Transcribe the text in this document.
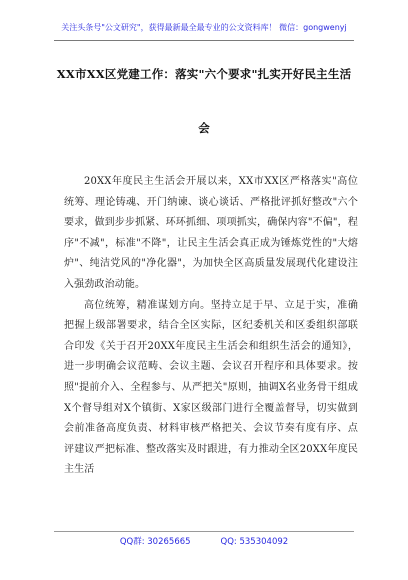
关注头条号"公文研究"，获得最新最全最专业的公文资料库！ 微信：gongwenyj
XX市XX区党建工作：落实"六个要求"扎实开好民主生活
会

20XX年度民主生活会开展以来，XX市XX区严格落实"高位统筹、理论铸魂、开门纳谏、谈心谈话、严格批评抓好整改"六个要求，做到步步抓紧、环环抓细、项项抓实，确保内容"不偏"，程序"不减"，标准"不降"，让民主生活会真正成为锤炼党性的"大熔炉"、纯洁党风的"净化器"，为加快全区高质量发展现代化建设注入强劲政治动能。

高位统筹，精准谋划方向。坚持立足于早、立足于实，准确把握上级部署要求，结合全区实际，区纪委机关和区委组织部联合印发《关于召开20XX年度民主生活会和组织生活会的通知》，进一步明确会议范畴、会议主题、会议召开程序和具体要求。按照"提前介入、全程参与、从严把关"原则，抽调X名业务骨干组成X个督导组对X个镇街、X家区级部门进行全覆盖督导，切实做到会前准备高度负责、材料审核严格把关、会议节奏有度有序、点评建议严把标准、整改落实及时跟进，有力推动全区20XX年度民主生活

QQ群: 30265665	QQ: 535304092
